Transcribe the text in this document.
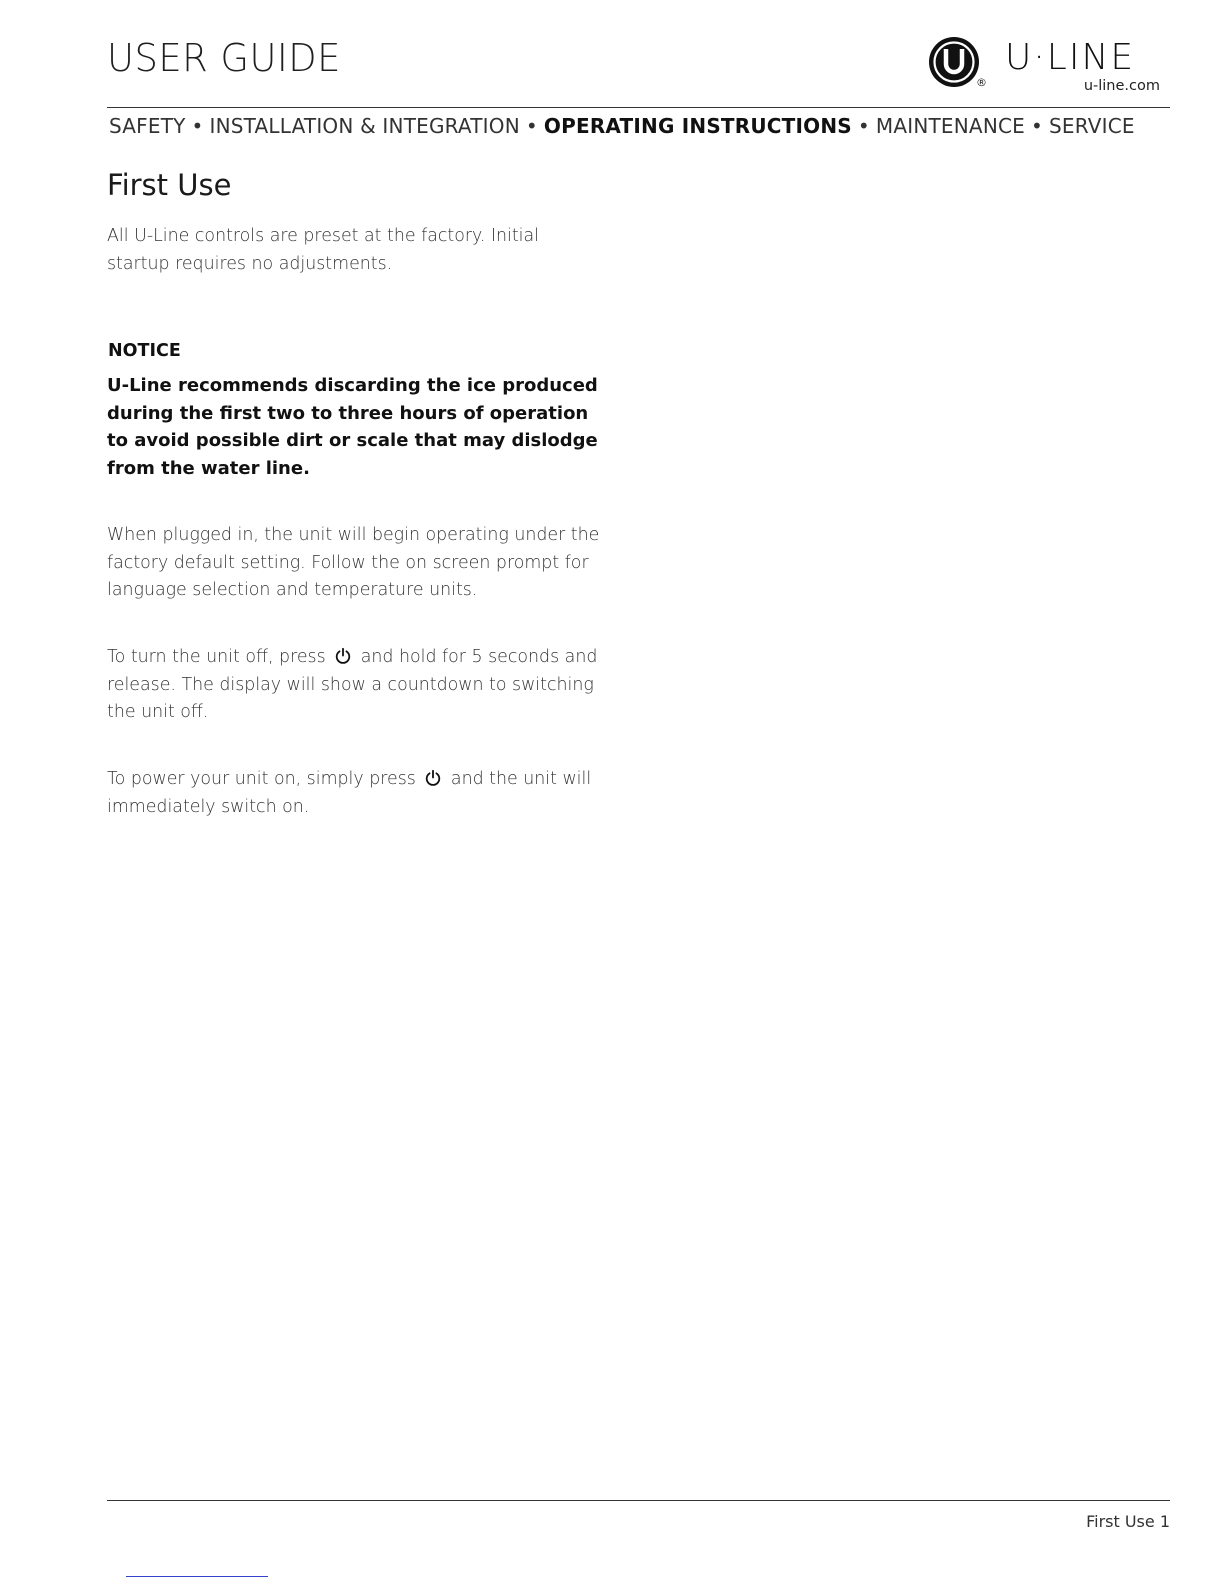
USER GUIDE
®
U·LINE
u-line.com
SAFETY • INSTALLATION & INTEGRATION • OPERATING INSTRUCTIONS • MAINTENANCE • SERVICE
First Use

All U-Line controls are preset at the factory. Initial startup requires no adjustments.

NOTICE

U-Line recommends discarding the ice produced during the first two to three hours of operation to avoid possible dirt or scale that may dislodge from the water line.

When plugged in, the unit will begin operating under the factory default setting. Follow the on screen prompt for language selection and temperature units.

To turn the unit off, press and hold for 5 seconds and release. The display will show a countdown to switching the unit off.

To power your unit on, simply press and the unit will immediately switch on.

First Use 1
